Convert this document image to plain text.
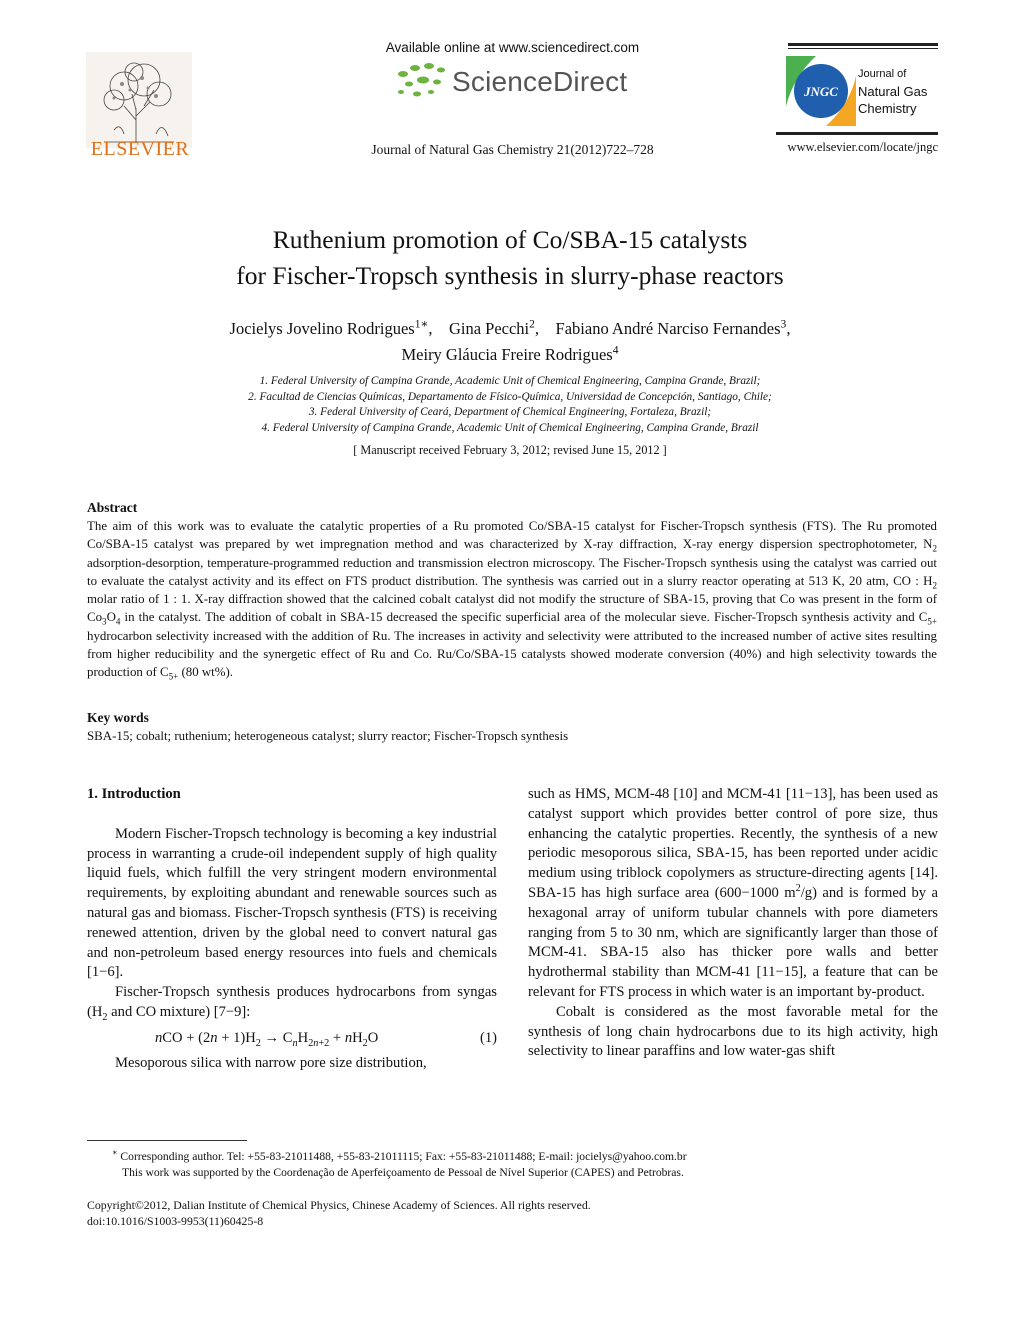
ELSEVIER
Available online at www.sciencedirect.com
ScienceDirect
Journal of Natural Gas Chemistry 21(2012)722–728
JNGC
Journal of
Natural Gas
Chemistry
www.elsevier.com/locate/jngc
Ruthenium promotion of Co/SBA-15 catalysts
for Fischer-Tropsch synthesis in slurry-phase reactors
Jocielys Jovelino Rodrigues$^{1∗}$,    Gina Pecchi$^2$,    Fabiano André Narciso Fernandes$^3$,
Meiry Gláucia Freire Rodrigues$^4$
1. Federal University of Campina Grande, Academic Unit of Chemical Engineering, Campina Grande, Brazil;
2. Facultad de Ciencias Químicas, Departamento de Físico-Química, Universidad de Concepción, Santiago, Chile;
3. Federal University of Ceará, Department of Chemical Engineering, Fortaleza, Brazil;
4. Federal University of Campina Grande, Academic Unit of Chemical Engineering, Campina Grande, Brazil
[ Manuscript received February 3, 2012; revised June 15, 2012 ]
Abstract
The aim of this work was to evaluate the catalytic properties of a Ru promoted Co/SBA-15 catalyst for Fischer-Tropsch synthesis (FTS). The Ru promoted Co/SBA-15 catalyst was prepared by wet impregnation method and was characterized by X-ray diffraction, X-ray energy dispersion spectrophotometer, $N_2$ adsorption-desorption, temperature-programmed reduction and transmission electron microscopy. The Fischer-Tropsch synthesis using the catalyst was carried out to evaluate the catalyst activity and its effect on FTS product distribution. The synthesis was carried out in a slurry reactor operating at 513 K, 20 atm, CO : $H_2$ molar ratio of 1 : 1. X-ray diffraction showed that the calcined cobalt catalyst did not modify the structure of SBA-15, proving that Co was present in the form of $Co_3O_4$ in the catalyst. The addition of cobalt in SBA-15 decreased the specific superficial area of the molecular sieve. Fischer-Tropsch synthesis activity and $C_{5+}$ hydrocarbon selectivity increased with the addition of Ru. The increases in activity and selectivity were attributed to the increased number of active sites resulting from higher reducibility and the synergetic effect of Ru and Co. Ru/Co/SBA-15 catalysts showed moderate conversion (40%) and high selectivity towards the production of $C_{5+}$ (80 wt%).
Key words
SBA-15; cobalt; ruthenium; heterogeneous catalyst; slurry reactor; Fischer-Tropsch synthesis

1. Introduction

Modern Fischer-Tropsch technology is becoming a key industrial process in warranting a crude-oil independent supply of high quality liquid fuels, which fulfill the very stringent modern environmental requirements, by exploiting abundant and renewable sources such as natural gas and biomass. Fischer-Tropsch synthesis (FTS) is receiving renewed attention, driven by the global need to convert natural gas and non-petroleum based energy resources into fuels and chemicals [1−6].

Fischer-Tropsch synthesis produces hydrocarbons from syngas ($H_2$ and CO mixture) [7−9]:

nCO + $(2n + 1)H_2 \to C_nH_{2n+2} + nH_2O$	(1)

Mesoporous silica with narrow pore size distribution,

such as HMS, MCM-48 [10] and MCM-41 [11−13], has been used as catalyst support which provides better control of pore size, thus enhancing the catalytic properties. Recently, the synthesis of a new periodic mesoporous silica, SBA-15, has been reported under acidic medium using triblock copolymers as structure-directing agents [14]. SBA-15 has high surface area (600−1000 $m^2/g$) and is formed by a hexagonal array of uniform tubular channels with pore diameters ranging from 5 to 30 nm, which are significantly larger than those of MCM-41. SBA-15 also has thicker pore walls and better hydrothermal stability than MCM-41 [11−15], a feature that can be relevant for FTS process in which water is an important by-product.

Cobalt is considered as the most favorable metal for the synthesis of long chain hydrocarbons due to its high activity, high selectivity to linear paraffins and low water-gas shift

∗ Corresponding author. Tel: +55-83-21011488, +55-83-21011115; Fax: +55-83-21011488; E-mail: jocielys@yahoo.com.br
This work was supported by the Coordenação de Aperfeiçoamento de Pessoal de Nível Superior (CAPES) and Petrobras.
Copyright©2012, Dalian Institute of Chemical Physics, Chinese Academy of Sciences. All rights reserved.
doi:10.1016/S1003-9953(11)60425-8
